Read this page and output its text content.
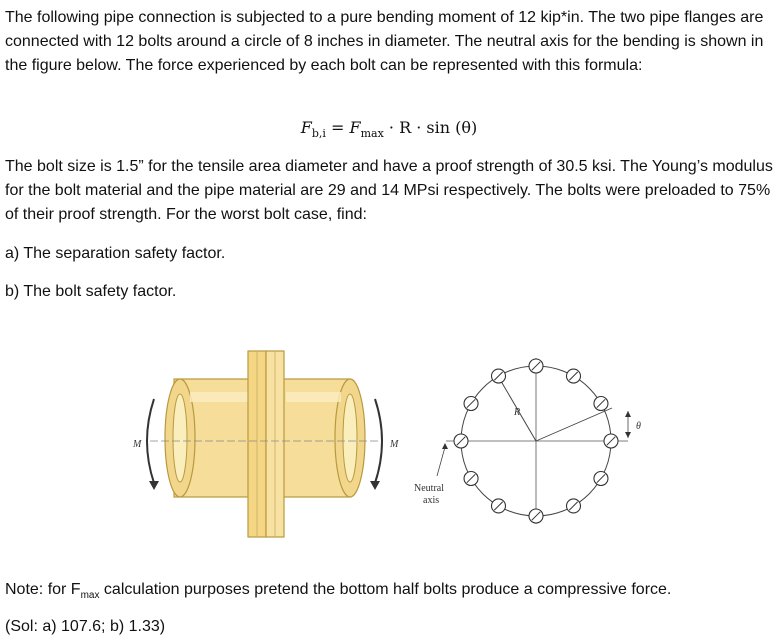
The following pipe connection is subjected to a pure bending moment of 12 kip*in. The two pipe flanges are connected with 12 bolts around a circle of 8 inches in diameter. The neutral axis for the bending is shown in the figure below. The force experienced by each bolt can be represented with this formula:

$F_{b,i} = F_{max} \cdot R \cdot \sin (\theta)$

The bolt size is 1.5” for the tensile area diameter and have a proof strength of 30.5 ksi. The Young’s modulus for the bolt material and the pipe material are 29 and 14 MPsi respectively. The bolts were preloaded to 75% of their proof strength. For the worst bolt case, find:

a) The separation safety factor.

b) The bolt safety factor.

M	M
R
θ
Neutral
axis

Note: for $F_{max}$ calculation purposes pretend the bottom half bolts produce a compressive force.

(Sol: a) 107.6; b) 1.33)
